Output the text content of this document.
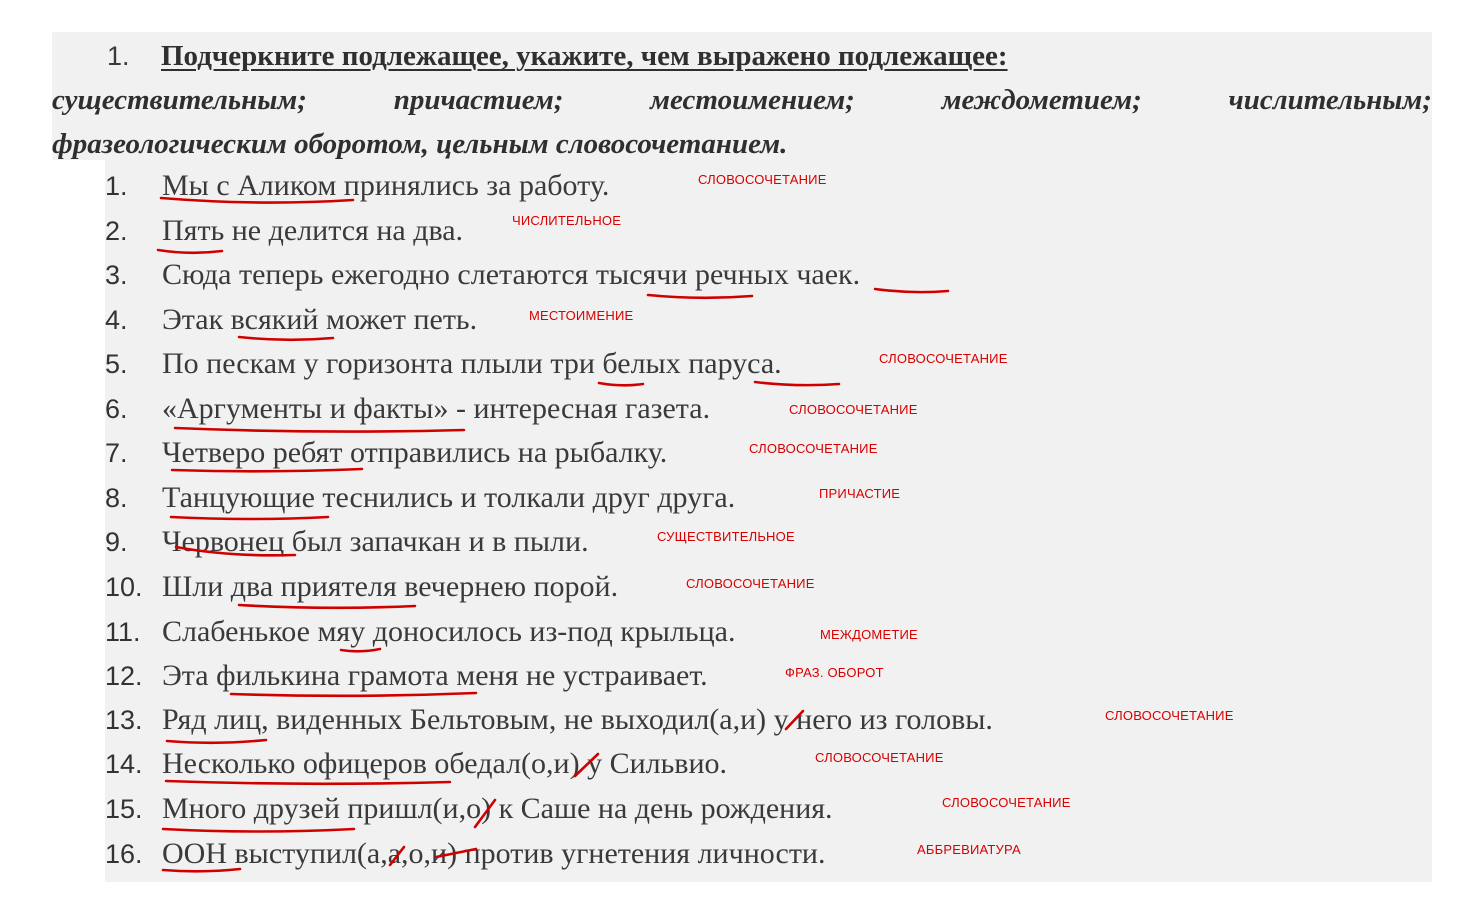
1. Подчеркните подлежащее, укажите, чем выражено подлежащее:
существительным;	причастием;	местоимением;	междометием;	числительным;
фразеологическим оборотом, цельным словосочетанием.
1. Мы с Аликом принялись за работу.
2. Пять не делится на два.
3. Сюда теперь ежегодно слетаются тысячи речных чаек.
4. Этак всякий может петь.
5. По пескам у горизонта плыли три белых паруса.
6. «Аргументы и факты» - интересная газета.
7. Четверо ребят отправились на рыбалку.
8. Танцующие теснились и толкали друг друга.
9. Червонец был запачкан и в пыли.
10. Шли два приятеля вечернею порой.
11. Слабенькое мяу доносилось из-под крыльца.
12. Эта филькина грамота меня не устраивает.
13. Ряд лиц, виденных Бельтовым, не выходил(а,и) у него из головы.
14. Несколько офицеров обедал(о,и) у Сильвио.
15. Много друзей пришл(и,о) к Саше на день рождения.
16. ООН выступил(а,а,о,и) против угнетения личности.
СЛОВОСОЧЕТАНИЕ
ЧИСЛИТЕЛЬНОЕ
МЕСТОИМЕНИЕ
СЛОВОСОЧЕТАНИЕ
СЛОВОСОЧЕТАНИЕ
СЛОВОСОЧЕТАНИЕ
ПРИЧАСТИЕ
СУЩЕСТВИТЕЛЬНОЕ
СЛОВОСОЧЕТАНИЕ
МЕЖДОМЕТИЕ
ФРАЗ. ОБОРОТ
СЛОВОСОЧЕТАНИЕ
СЛОВОСОЧЕТАНИЕ
СЛОВОСОЧЕТАНИЕ
АББРЕВИАТУРА
